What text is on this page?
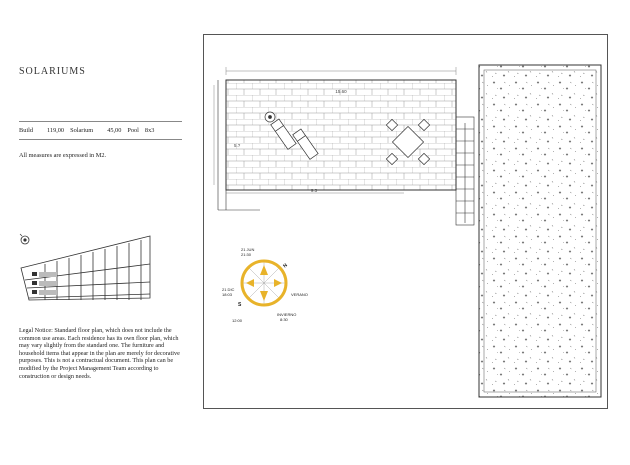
SOLARIUMS
Build 119,00 Solarium 45,00 Pool 8x3
All measures are expressed in M2.
Legal Notice: Standard floor plan, which does not include the common use areas. Each residence has its own floor plan, which may vary slightly from the standard one. The furniture and household items that appear in the plan are merely for decorative purposes. This is not a contractual document. This plan can be modified by the Project Management Team according to construction or design needs.
15.60
9.3
5.?
21 JUN
21:30
21 DIC
18:03	VERANO
INVIERNO
8:30
12:00
N
S
